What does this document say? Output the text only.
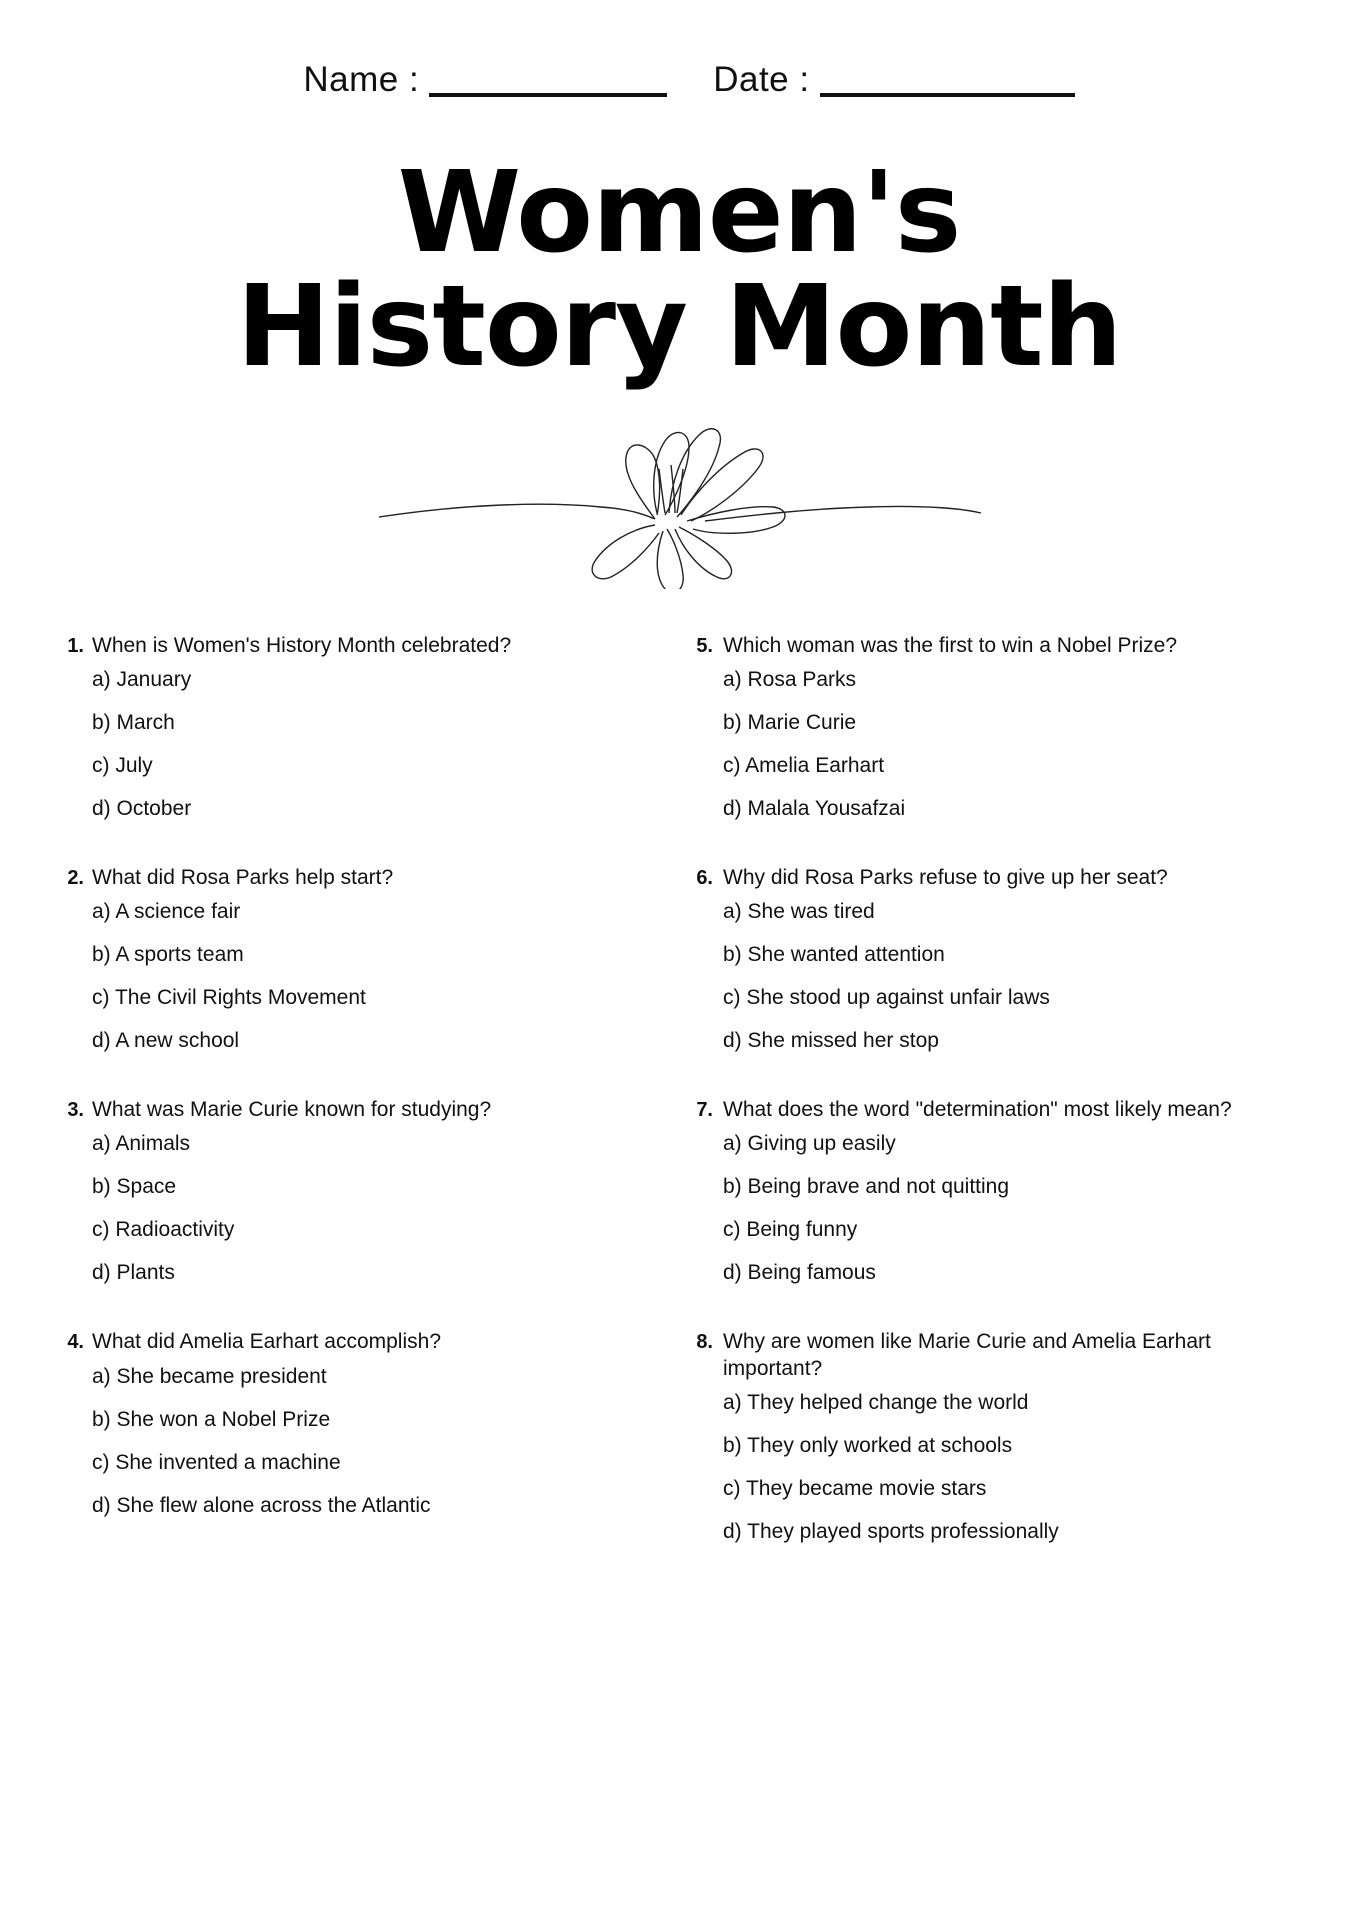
Name :	Date :
Women's
History Month
1. When is Women's History Month celebrated?
a) January
b) March
c) July
d) October
5. Which woman was the first to win a Nobel Prize?
a) Rosa Parks
b) Marie Curie
c) Amelia Earhart
d) Malala Yousafzai
2. What did Rosa Parks help start?
a) A science fair
b) A sports team
c) The Civil Rights Movement
d) A new school
6. Why did Rosa Parks refuse to give up her seat?
a) She was tired
b) She wanted attention
c) She stood up against unfair laws
d) She missed her stop
3. What was Marie Curie known for studying?
a) Animals
b) Space
c) Radioactivity
d) Plants
7. What does the word "determination" most likely mean?
a) Giving up easily
b) Being brave and not quitting
c) Being funny
d) Being famous
4. What did Amelia Earhart accomplish?
a) She became president
b) She won a Nobel Prize
c) She invented a machine
d) She flew alone across the Atlantic
8. Why are women like Marie Curie and Amelia Earhart important?
a) They helped change the world
b) They only worked at schools
c) They became movie stars
d) They played sports professionally
